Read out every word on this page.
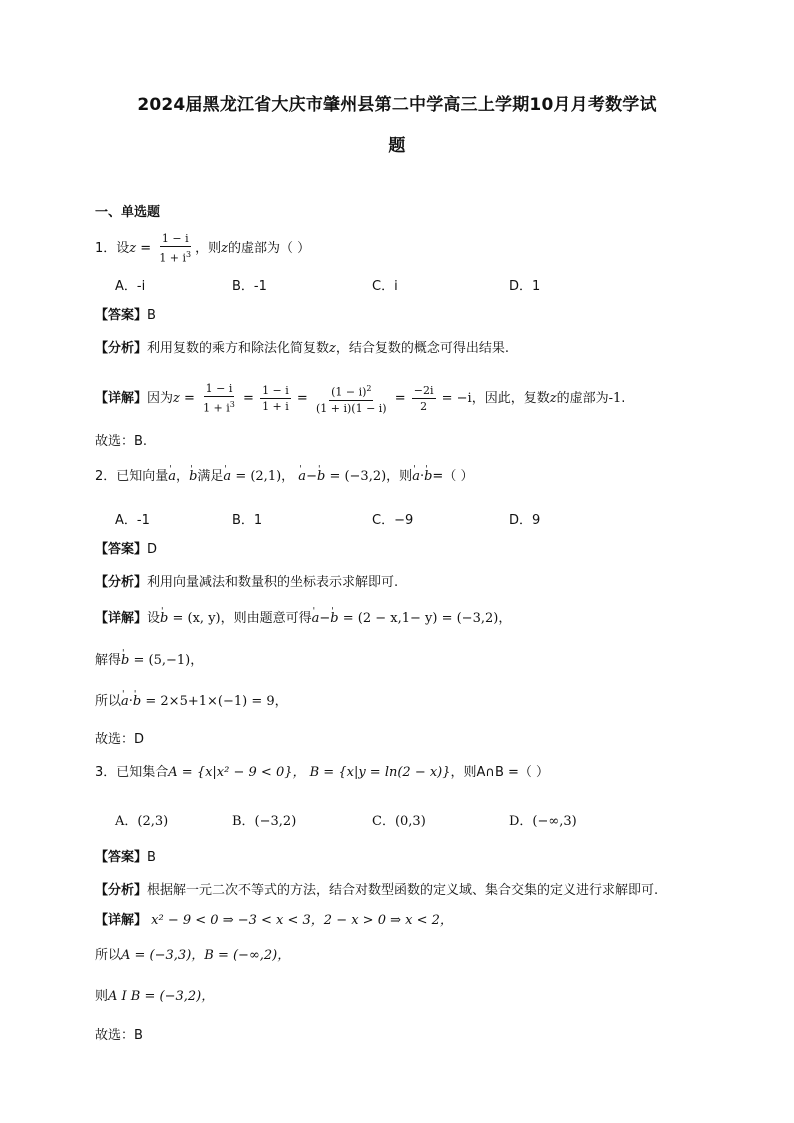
2024届黑龙江省大庆市肇州县第二中学高三上学期10月月考数学试
题
一、单选题
1．设$z = \frac{1 - i}{1 + i^3}$ ，则z的虚部为（ ）
A．-i	B．-1	C．i	D．1
【答案】B
【分析】利用复数的乘方和除法化简复数z，结合复数的概念可得出结果.
【详解】因为$z = \frac{1 - i}{1 + i^3} = \frac{1 - i}{1 + i} = \frac{(1 - i)^2}{(1 + i)(1 - i)} = \frac{-2i}{2} = -i$，因此，复数z的虚部为-1.
故选：B.
2．已知向量' a，' b满足' a = (2,1)， ' a−' b = (−3,2)，则' a·' b=（ ）
A．-1	B．1	C．−9	D．9
【答案】D
【分析】利用向量减法和数量积的坐标表示求解即可.
【详解】设' b = (x, y)，则由题意可得' a−' b = (2 − x,1− y) = (−3,2)，
解得' b = (5,−1)，
所以' a·' b = 2×5+1×(−1) = 9，
故选：D
3．已知集合A = {x|x² − 9 < 0}， B = {x|y = ln(2 − x)}，则A∩B =（ ）
A．(2,3)	B．(−3,2)	C．(0,3)	D．(−∞,3)
【答案】B
【分析】根据解一元二次不等式的方法，结合对数型函数的定义域、集合交集的定义进行求解即可.
【详解】 x² − 9 < 0 ⇒ −3 < x < 3，2 − x > 0 ⇒ x < 2，
所以A = (−3,3)，B = (−∞,2)，
则A I B = (−3,2)，
故选：B
